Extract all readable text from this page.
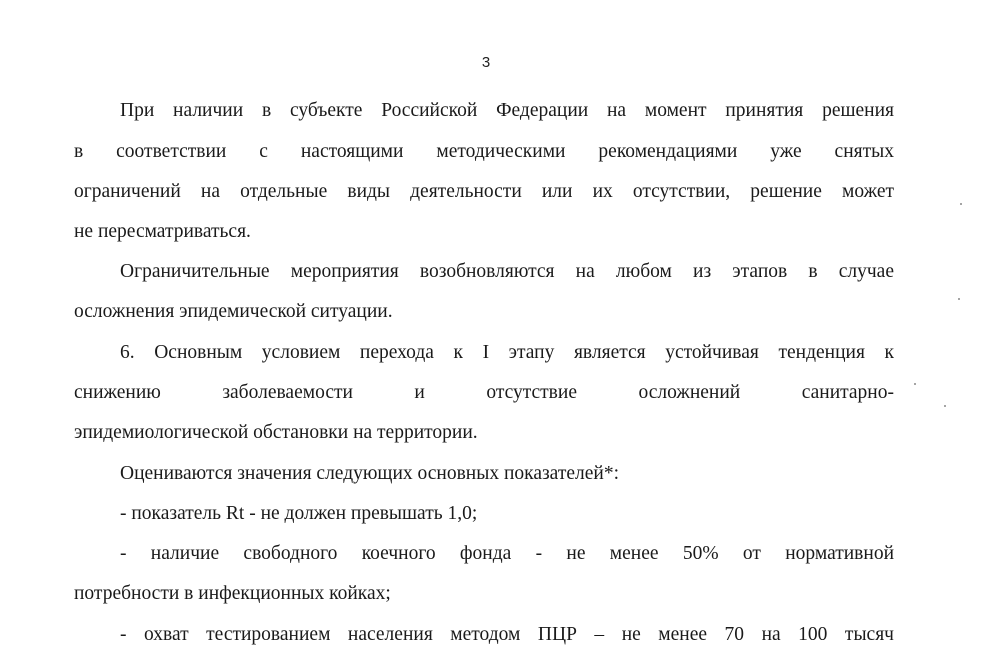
3
При наличии в субъекте Российской Федерации на момент принятия решения
в соответствии с настоящими методическими рекомендациями уже снятых
ограничений на отдельные виды деятельности или их отсутствии, решение может
не пересматриваться.
Ограничительные мероприятия возобновляются на любом из этапов в случае
осложнения эпидемической ситуации.
6. Основным условием перехода к I этапу является устойчивая тенденция к
снижению заболеваемости и отсутствие осложнений санитарно-
эпидемиологической обстановки на территории.
Оцениваются значения следующих основных показателей*:
- показатель Rt - не должен превышать 1,0;
- наличие свободного коечного фонда - не менее 50% от нормативной
потребности в инфекционных койках;
- охват тестированием населения методом ПЦР – не менее 70 на 100 тысяч
